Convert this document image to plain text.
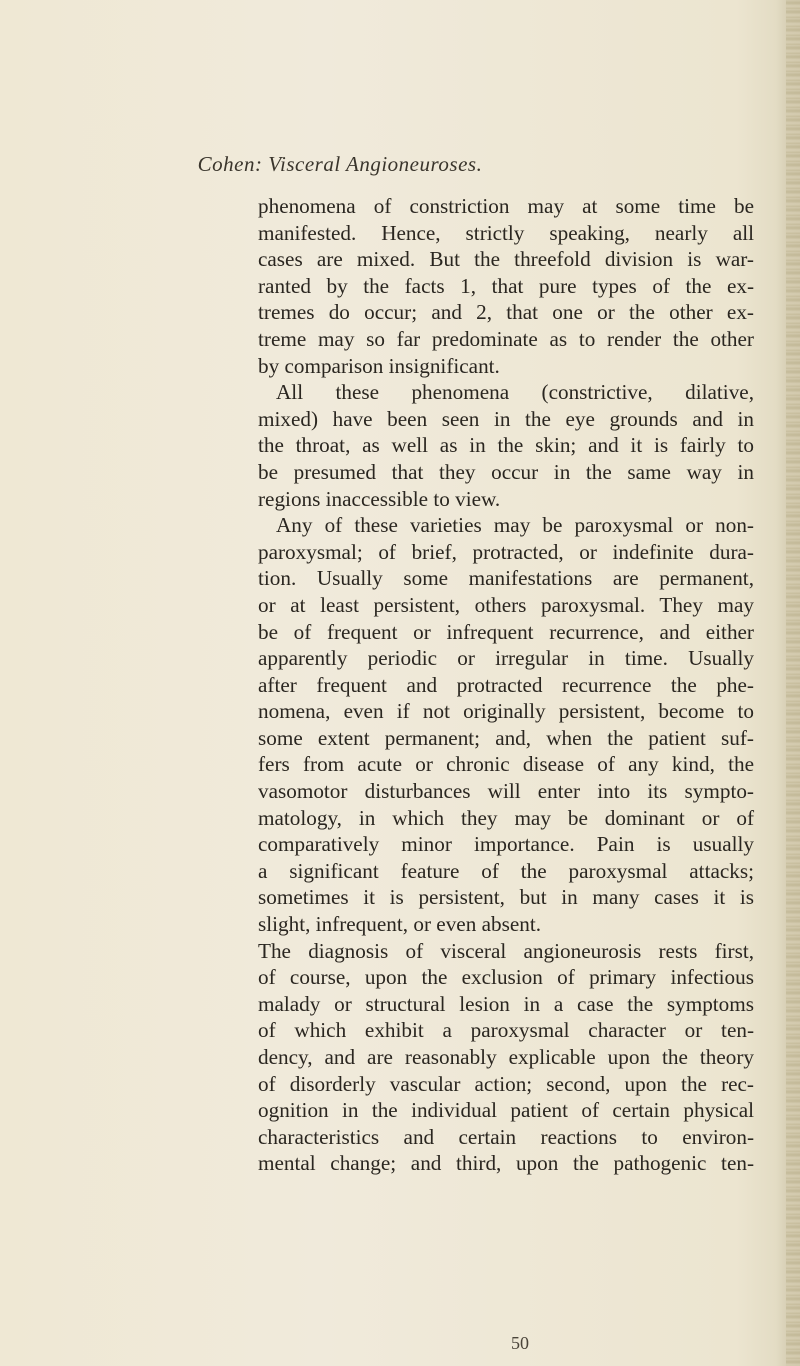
Cohen: Visceral Angioneuroses.
phenomena of constriction may at some time be
manifested. Hence, strictly speaking, nearly all
cases are mixed. But the threefold division is war-
ranted by the facts 1, that pure types of the ex-
tremes do occur; and 2, that one or the other ex-
treme may so far predominate as to render the other
by comparison insignificant.
All these phenomena (constrictive, dilative,
mixed) have been seen in the eye grounds and in
the throat, as well as in the skin; and it is fairly to
be presumed that they occur in the same way in
regions inaccessible to view.
Any of these varieties may be paroxysmal or non-
paroxysmal; of brief, protracted, or indefinite dura-
tion. Usually some manifestations are permanent,
or at least persistent, others paroxysmal. They may
be of frequent or infrequent recurrence, and either
apparently periodic or irregular in time. Usually
after frequent and protracted recurrence the phe-
nomena, even if not originally persistent, become to
some extent permanent; and, when the patient suf-
fers from acute or chronic disease of any kind, the
vasomotor disturbances will enter into its sympto-
matology, in which they may be dominant or of
comparatively minor importance. Pain is usually
a significant feature of the paroxysmal attacks;
sometimes it is persistent, but in many cases it is
slight, infrequent, or even absent.
The diagnosis of visceral angioneurosis rests first,
of course, upon the exclusion of primary infectious
malady or structural lesion in a case the symptoms
of which exhibit a paroxysmal character or ten-
dency, and are reasonably explicable upon the theory
of disorderly vascular action; second, upon the rec-
ognition in the individual patient of certain physical
characteristics and certain reactions to environ-
mental change; and third, upon the pathogenic ten-
50
